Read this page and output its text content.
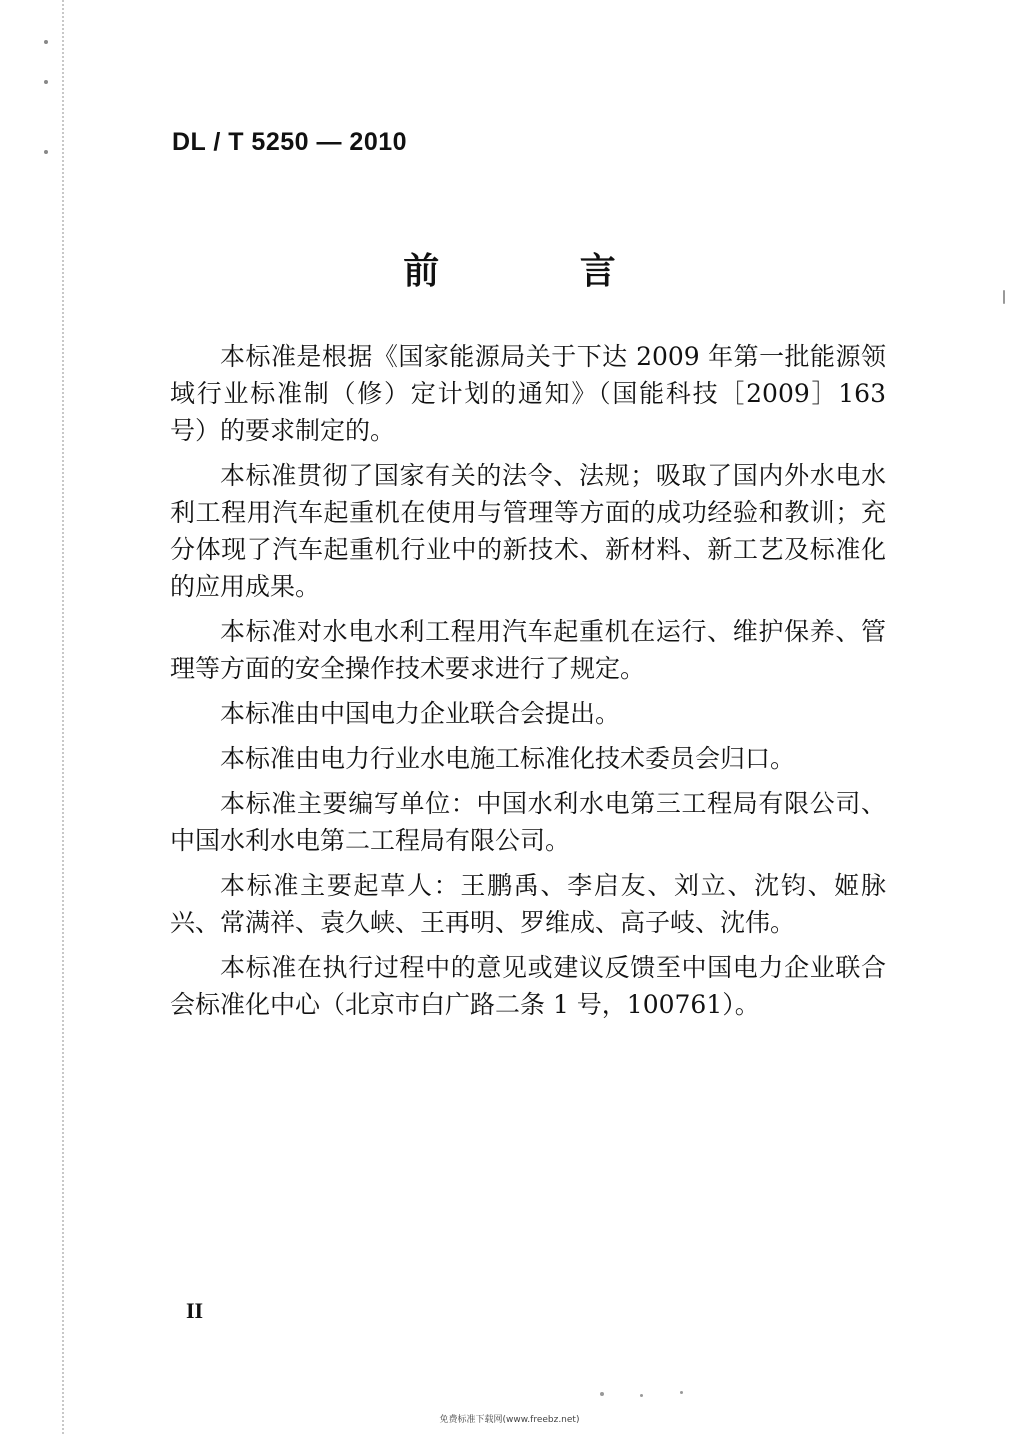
DL / T 5250 — 2010
前 言

本标准是根据《国家能源局关于下达 2009 年第一批能源领域行业标准制（修）定计划的通知》（国能科技［2009］163 号）的要求制定的。

本标准贯彻了国家有关的法令、法规；吸取了国内外水电水利工程用汽车起重机在使用与管理等方面的成功经验和教训；充分体现了汽车起重机行业中的新技术、新材料、新工艺及标准化的应用成果。

本标准对水电水利工程用汽车起重机在运行、维护保养、管理等方面的安全操作技术要求进行了规定。

本标准由中国电力企业联合会提出。

本标准由电力行业水电施工标准化技术委员会归口。

本标准主要编写单位：中国水利水电第三工程局有限公司、中国水利水电第二工程局有限公司。

本标准主要起草人：王鹏禹、李启友、刘立、沈钧、姬脉兴、常满祥、袁久峡、王再明、罗维成、高子岐、沈伟。

本标准在执行过程中的意见或建议反馈至中国电力企业联合会标准化中心（北京市白广路二条 1 号，100761）。

II
免费标准下载网(www.freebz.net)
